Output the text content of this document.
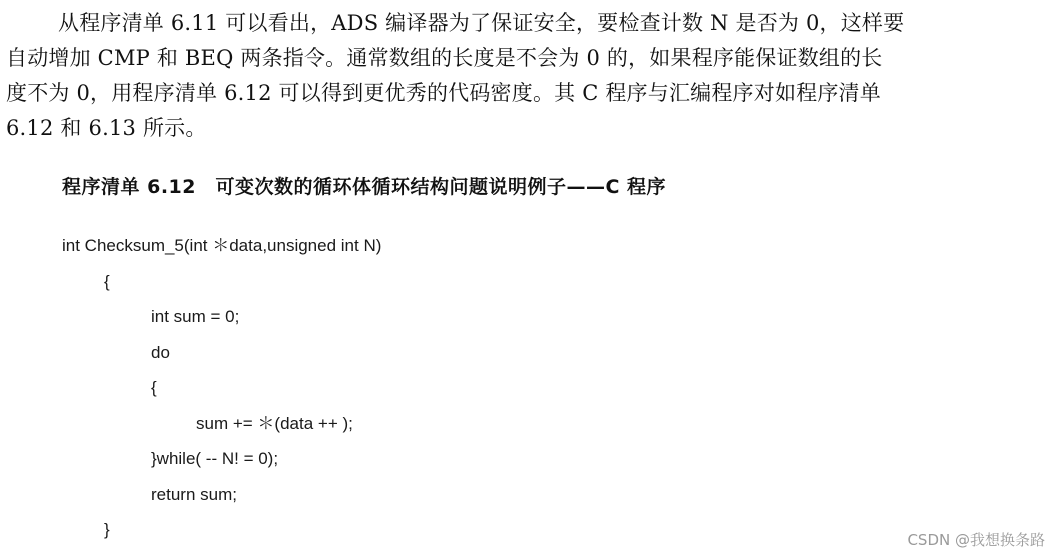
从程序清单 6.11 可以看出，ADS 编译器为了保证安全，要检查计数 N 是否为 0，这样要
自动增加 CMP 和 BEQ 两条指令。通常数组的长度是不会为 0 的，如果程序能保证数组的长
度不为 0，用程序清单 6.12 可以得到更优秀的代码密度。其 C 程序与汇编程序对如程序清单
6.12 和 6.13 所示。
程序清单 6.12　可变次数的循环体循环结构问题说明例子——C 程序
int Checksum_5(int ＊data,unsigned int N)
{
int sum = 0;
do
{
sum += ＊(data ++ );
}while( -- N! = 0);
return sum;
}
CSDN @我想换条路
